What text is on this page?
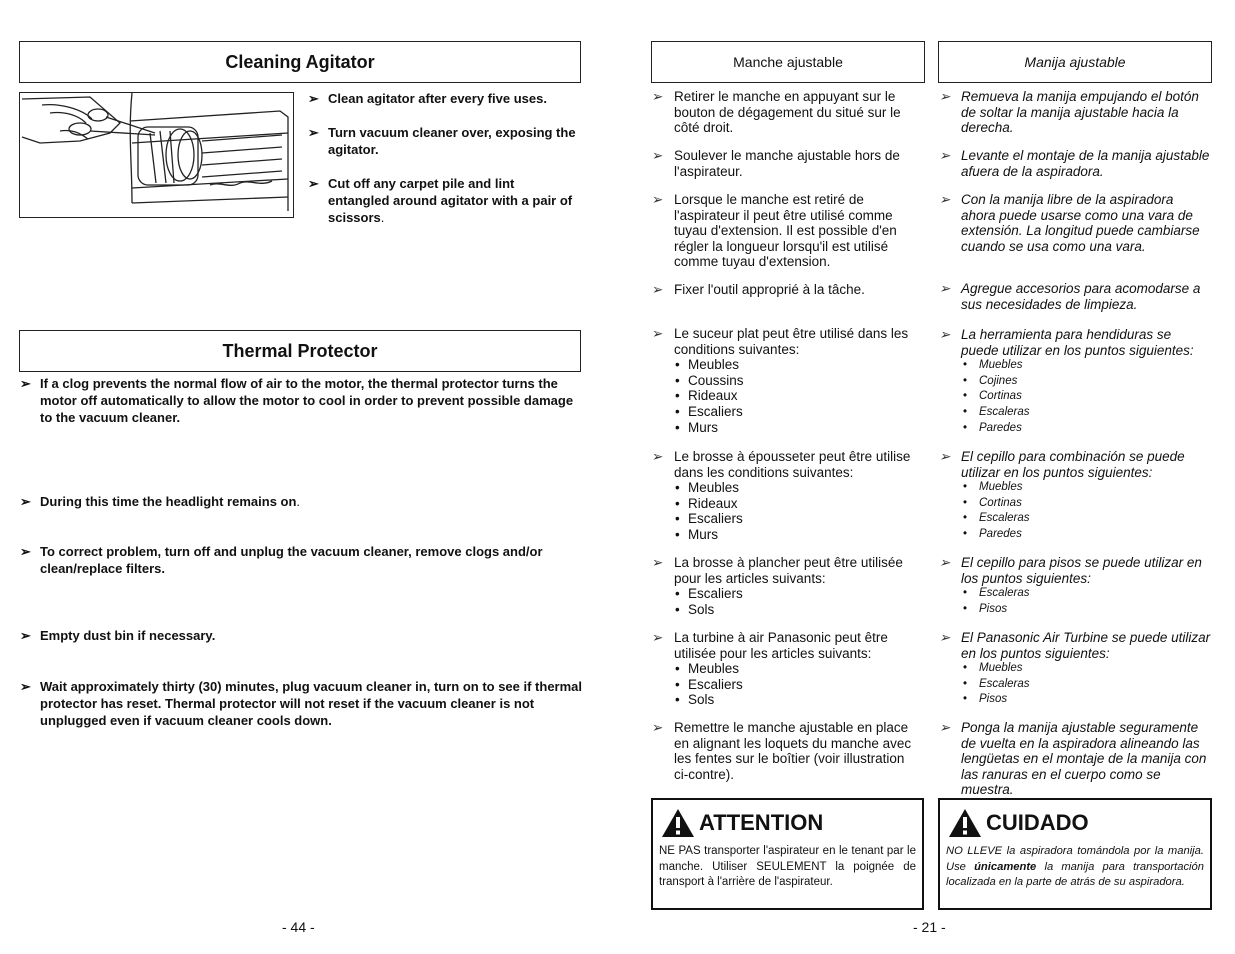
Cleaning Agitator
➢ Clean agitator after every five uses.
➢ Turn vacuum cleaner over, exposing the agitator.
➢ Cut off any carpet pile and lint entangled around agitator with a pair of scissors.
Thermal Protector
➢ If a clog prevents the normal flow of air to the motor, the thermal protector turns the motor off automatically to allow the motor to cool in order to prevent possible damage to the vacuum cleaner.
➢ During this time the headlight remains on.
➢ To correct problem, turn off and unplug the vacuum cleaner, remove clogs and/or clean/replace filters.
➢ Empty dust bin if necessary.
➢ Wait approximately thirty (30) minutes, plug vacuum cleaner in, turn on to see if thermal protector has reset. Thermal protector will not reset if the vacuum cleaner is not unplugged even if vacuum cleaner cools down.
- 44 -
Manche ajustable
➢ Retirer le manche en appuyant sur le bouton de dégagement du situé sur le côté droit.
➢ Soulever le manche ajustable hors de l'aspirateur.
➢ Lorsque le manche est retiré de l'aspirateur il peut être utilisé comme tuyau d'extension. Il est possible d'en régler la longueur lorsqu'il est utilisé comme tuyau d'extension.
➢ Fixer l'outil approprié à la tâche.
➢ Le suceur plat peut être utilisé dans les conditions suivantes:
• Meubles
• Coussins
• Rideaux
• Escaliers
• Murs
➢ Le brosse à épousseter peut être utilise dans les conditions suivantes:
• Meubles
• Rideaux
• Escaliers
• Murs
➢ La brosse à plancher peut être utilisée pour les articles suivants:
• Escaliers
• Sols
➢ La turbine à air Panasonic peut être utilisée pour les articles suivants:
• Meubles
• Escaliers
• Sols
➢ Remettre le manche ajustable en place en alignant les loquets du manche avec les fentes sur le boîtier (voir illustration ci-contre).
ATTENTION
NE PAS transporter l'aspirateur en le tenant par le manche. Utiliser SEULEMENT la poignée de transport à l'arrière de l'aspirateur.
- 21 -
Manija ajustable
➢ Remueva la manija empujando el botón de soltar la manija ajustable hacia la derecha.
➢ Levante el montaje de la manija ajustable afuera de la aspiradora.
➢ Con la manija libre de la aspiradora ahora puede usarse como una vara de extensión. La longitud puede cambiarse cuando se usa como una vara.
➢ Agregue accesorios para acomodarse a sus necesidades de limpieza.
➢ La herramienta para hendiduras se puede utilizar en los puntos siguientes:
• Muebles
• Cojines
• Cortinas
• Escaleras
• Paredes
➢ El cepillo para combinación se puede utilizar en los puntos siguientes:
• Muebles
• Cortinas
• Escaleras
• Paredes
➢ El cepillo para pisos se puede utilizar en los puntos siguientes:
• Escaleras
• Pisos
➢ El Panasonic Air Turbine se puede utilizar en los puntos siguientes:
• Muebles
• Escaleras
• Pisos
➢ Ponga la manija ajustable seguramente de vuelta en la aspiradora alineando las lengüetas en el montaje de la manija con las ranuras en el cuerpo como se muestra.
CUIDADO
NO LLEVE la aspiradora tomándola por la manija. Use únicamente la manija para transportación localizada en la parte de atrás de su aspiradora.
